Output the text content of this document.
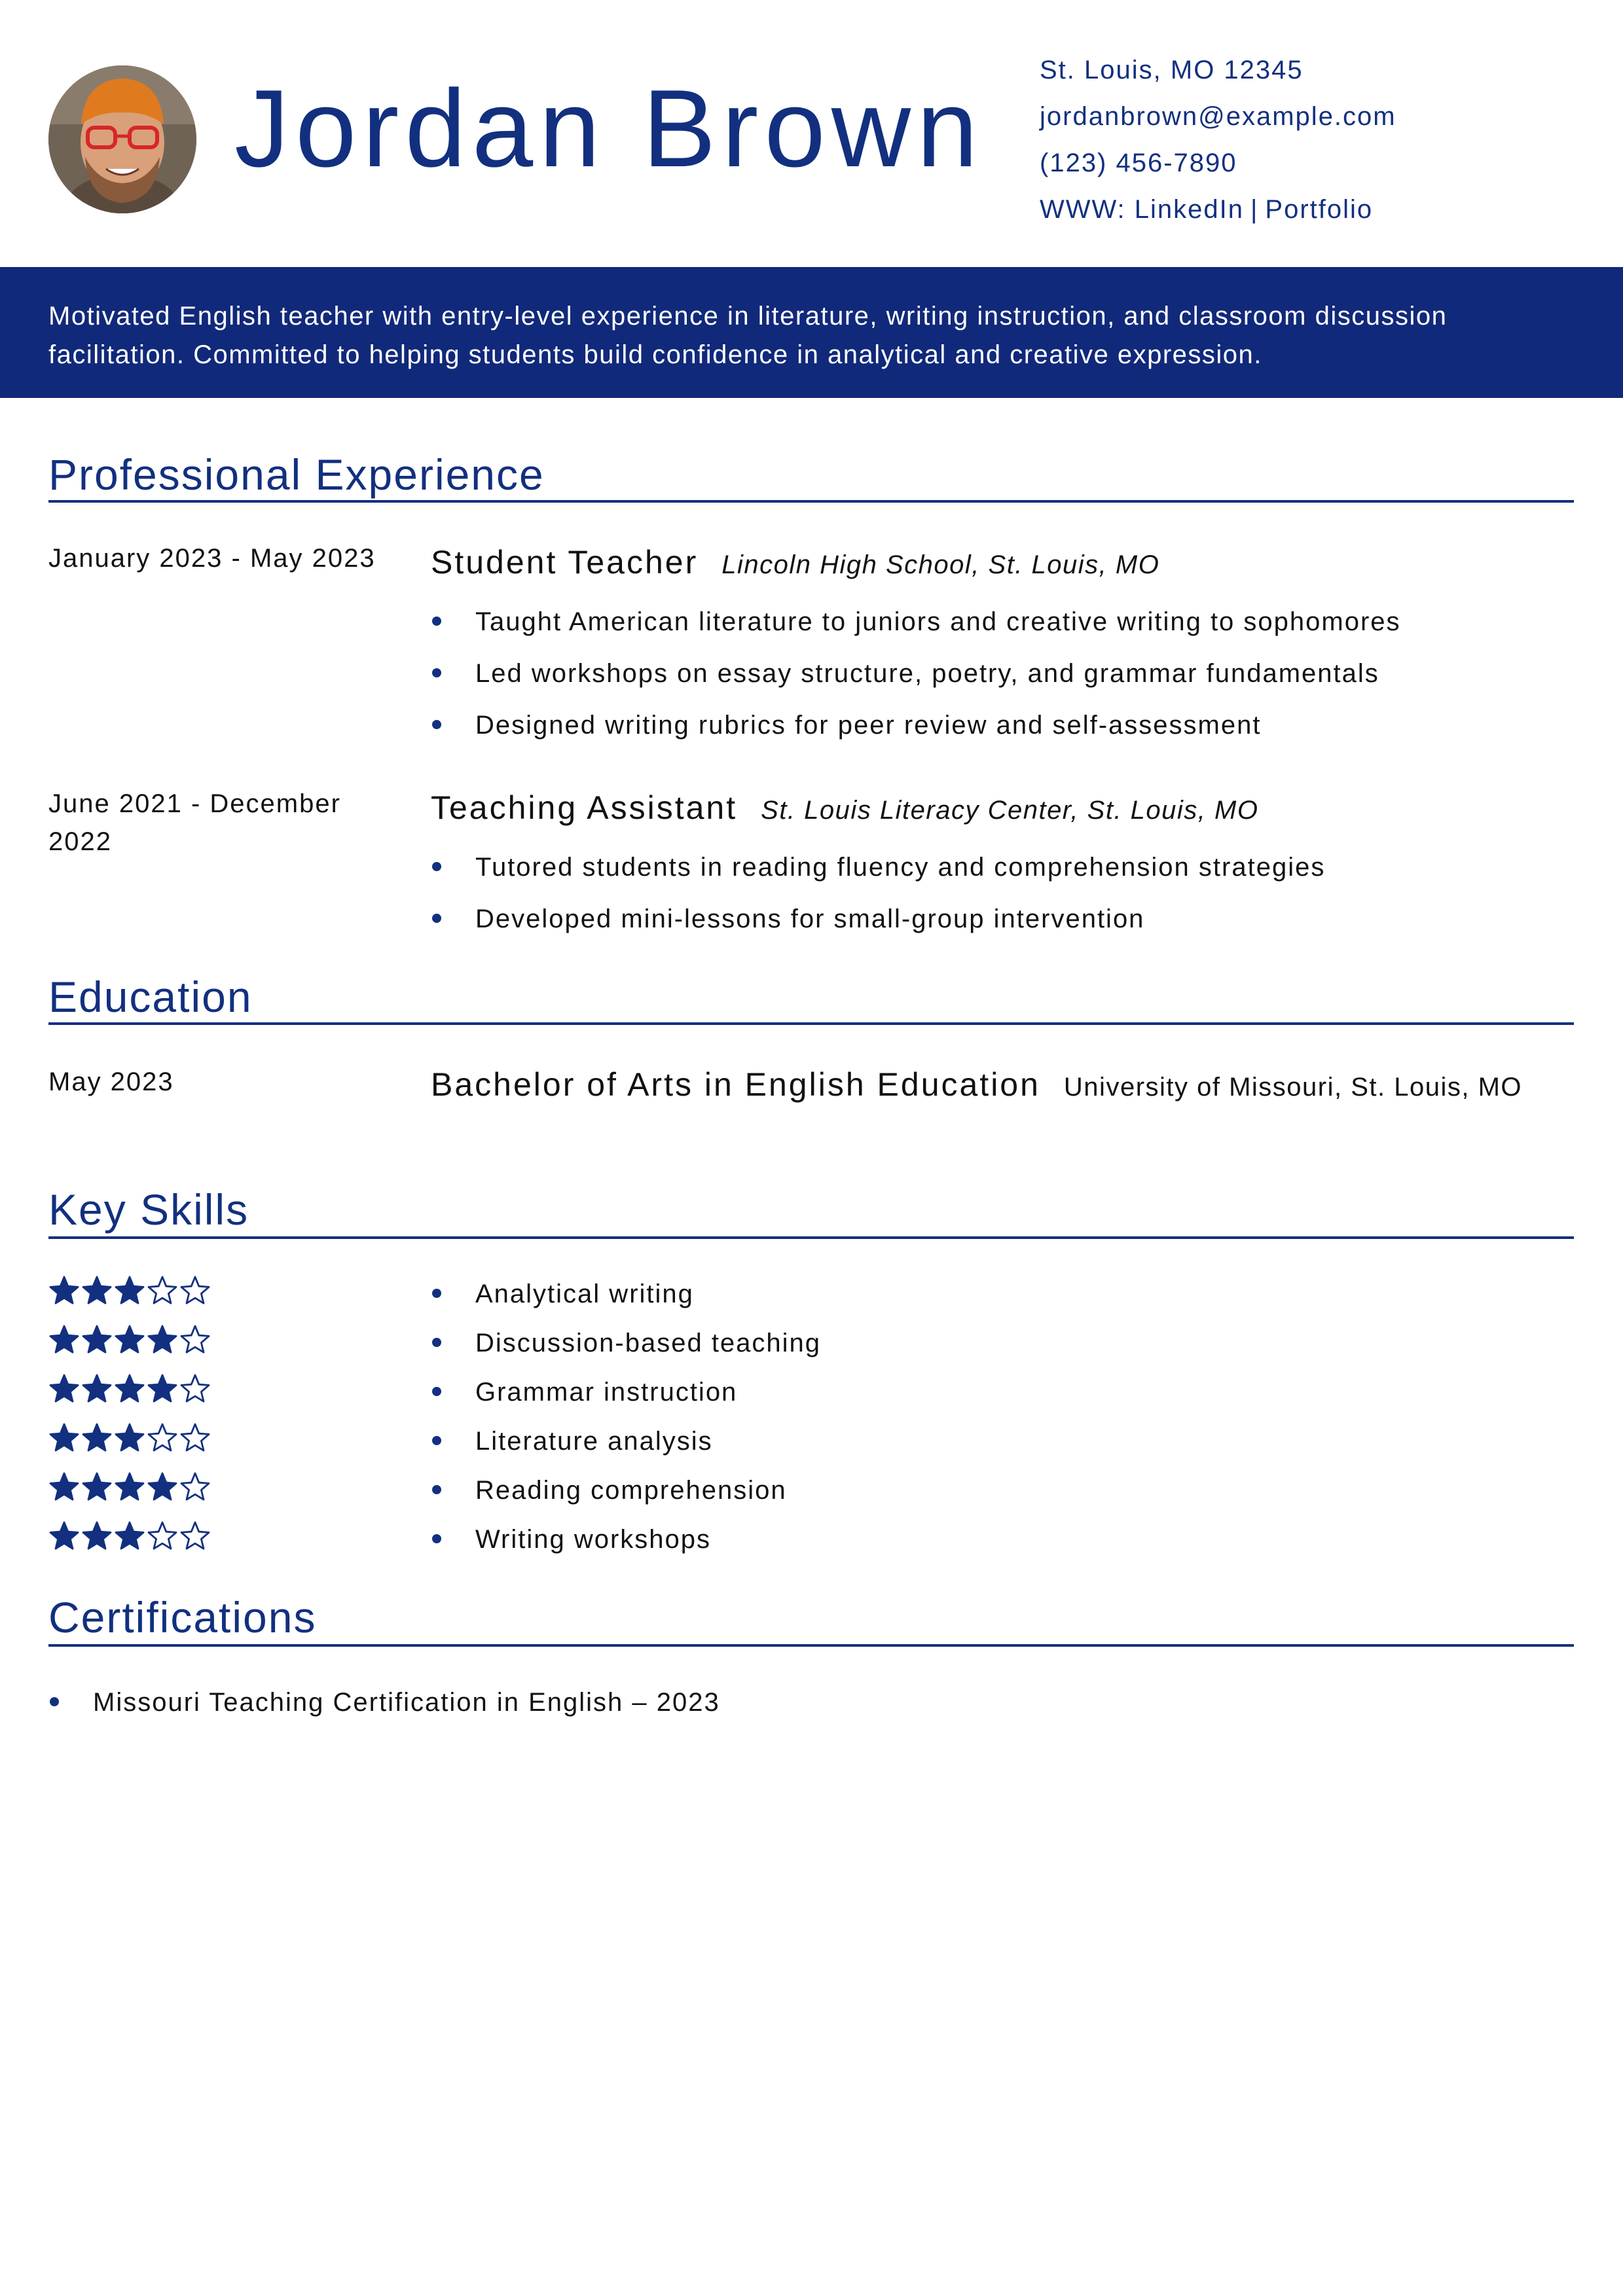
Jordan Brown St. Louis, MO 12345
jordanbrown@example.com
(123) 456-7890
WWW: LinkedIn | Portfolio

Motivated English teacher with entry-level experience in literature, writing instruction, and classroom discussion facilitation. Committed to helping students build confidence in analytical and creative expression.

Professional Experience
January 2023 - May 2023	Student Teacher Lincoln High School, St. Louis, MO
Taught American literature to juniors and creative writing to sophomores
Led workshops on essay structure, poetry, and grammar fundamentals
Designed writing rubrics for peer review and self-assessment
June 2021 - December 2022
Teaching Assistant St. Louis Literacy Center, St. Louis, MO
Tutored students in reading fluency and comprehension strategies
Developed mini-lessons for small-group intervention
Education
May 2023	Bachelor of Arts in English Education University of Missouri, St. Louis, MO
Key Skills
Analytical writing
Discussion-based teaching
Grammar instruction
Literature analysis
Reading comprehension
Writing workshops
Certifications
Missouri Teaching Certification in English – 2023
